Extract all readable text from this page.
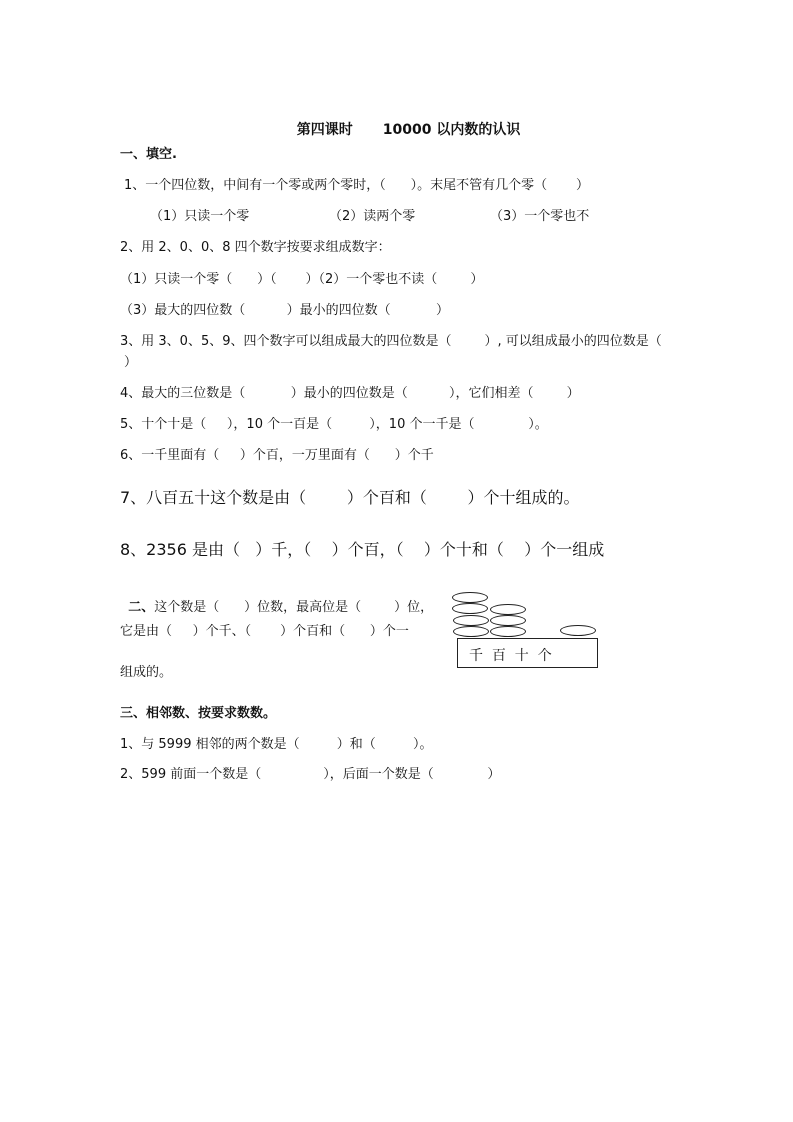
第四课时 10000 以内数的认识

一、填空.
1、一个四位数，中间有一个零或两个零时，（      ）。末尾不管有几个零（       ）
（1）只读一个零	（2）读两个零	（3）一个零也不
2、用 2、0、0、8 四个数字按要求组成数字：
（1）只读一个零（      ）（       ）（2）一个零也不读（        ）
（3）最大的四位数（          ）最小的四位数（           ）
3、用 3、0、5、9、四个数字可以组成最大的四位数是（        ）, 可以组成最小的四位数是（
）
4、最大的三位数是（           ）最小的四位数是（          ），它们相差（        ）
5、十个十是（     ），10 个一百是（         ），10 个一千是（             ）。
6、一千里面有（     ）个百，一万里面有（      ）个千
7、八百五十这个数是由（        ）个百和（        ）个十组成的。
8、2356 是由（   ）千，（    ）个百，（    ）个十和（    ）个一组成

二、这个数是（      ）位数，最高位是（        ）位，

它是由（     ）个千、（       ）个百和（      ）个一
组成的。
千  百  十  个
三、相邻数、按要求数数。
1、与 5999 相邻的两个数是（         ）和（         ）。
2、599 前面一个数是（               ），后面一个数是（             ）
